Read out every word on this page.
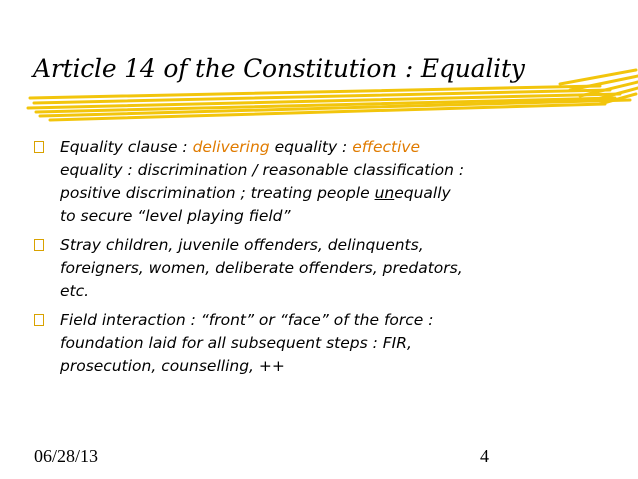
Article 14 of the Constitution : Equality
Equality clause : delivering equality : effective
equality : discrimination / reasonable classification :
positive discrimination ; treating people unequally
to secure “level playing field”
Stray children, juvenile offenders, delinquents,
foreigners, women, deliberate offenders, predators,
etc.
Field interaction : “front” or “face” of the force :
foundation laid for all subsequent steps : FIR,
prosecution, counselling, ++
06/28/13	4
